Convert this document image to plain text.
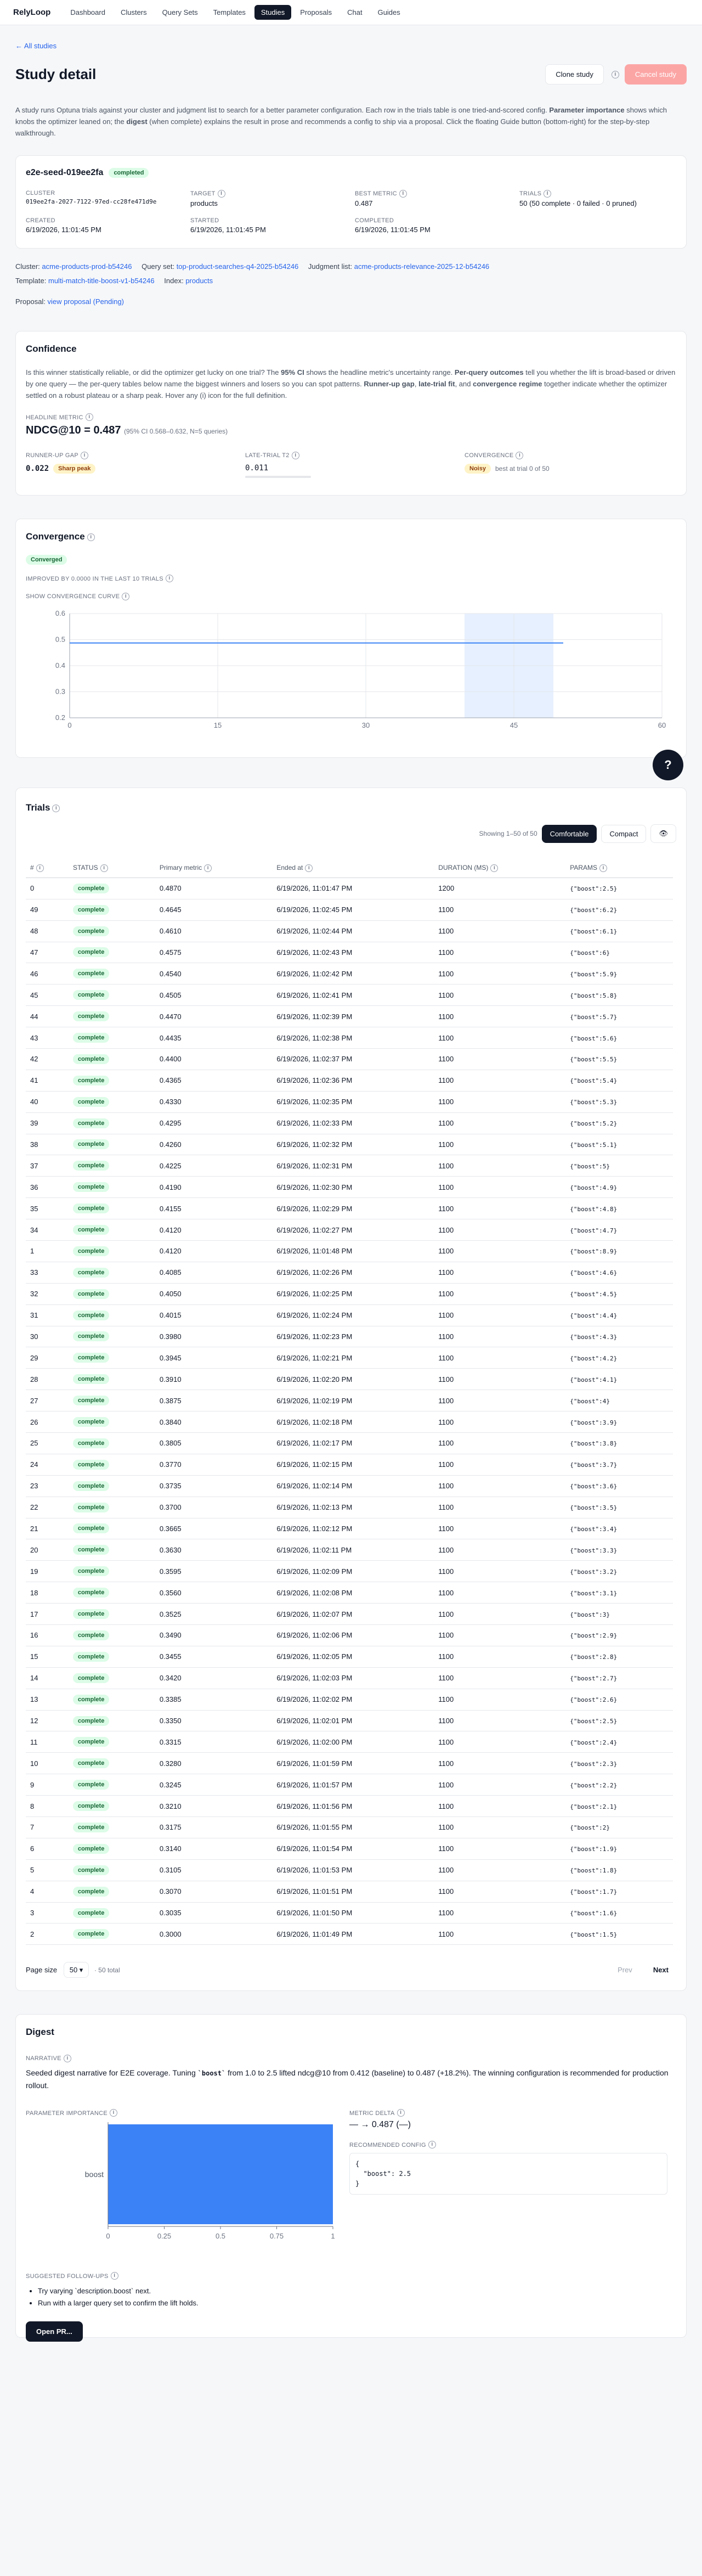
RelyLoop	Dashboard	Clusters	Query Sets	Templates	Studies	Proposals	Chat	Guides
← All studies
Study detail	Clone study	i	Cancel study

A study runs Optuna trials against your cluster and judgment list to search for a better parameter configuration. Each row in the trials table is one tried-and-scored config. Parameter importance shows which knobs the optimizer leaned on; the digest (when complete) explains the result in prose and recommends a config to ship via a proposal. Click the floating Guide button (bottom-right) for the step-by-step walkthrough.

e2e-seed-019ee2fa	completed
CLUSTER
019ee2fa-2027-7122-97ed-cc28fe471d9e
TARGET I
products
BEST METRIC I
0.487
TRIALS I
50 (50 complete · 0 failed · 0 pruned)
CREATED
6/19/2026, 11:01:45 PM
STARTED
6/19/2026, 11:01:45 PM
COMPLETED
6/19/2026, 11:01:45 PM
Cluster: acme-products-prod-b54246 Query set: top-product-searches-q4-2025-b54246 Judgment list: acme-products-relevance-2025-12-b54246
Template: multi-match-title-boost-v1-b54246 Index: products
Proposal: view proposal (Pending)
Confidence

Is this winner statistically reliable, or did the optimizer get lucky on one trial? The 95% CI shows the headline metric's uncertainty range. Per-query outcomes tell you whether the lift is broad-based or driven by one query — the per-query tables below name the biggest winners and losers so you can spot patterns. Runner-up gap, late-trial fit, and convergence regime together indicate whether the optimizer settled on a robust plateau or a sharp peak. Hover any (i) icon for the full definition.

HEADLINE METRIC i
NDCG@10 = 0.487 (95% CI 0.568–0.632, N=5 queries)
RUNNER-UP GAP i
0.022	Sharp peak
LATE-TRIAL T2 i
0.011
CONVERGENCE i
Noisy	best at trial 0 of 50
Convergence i
Converged
IMPROVED BY 0.0000 IN THE LAST 10 TRIALS i
SHOW CONVERGENCE CURVE i
0.2
0.3
0.4
0.5
0.6
0	15	30	45	60
Trials i
Showing 1–50 of 50	Comfortable	Compact	👁
# i	STATUS i	Primary metric i	Ended at i	DURATION (MS) i	PARAMS i
0	complete	0.4870	6/19/2026, 11:01:47 PM	1200	{"boost":2.5}
49	complete	0.4645	6/19/2026, 11:02:45 PM	1100	{"boost":6.2}
48	complete	0.4610	6/19/2026, 11:02:44 PM	1100	{"boost":6.1}
47	complete	0.4575	6/19/2026, 11:02:43 PM	1100	{"boost":6}
46	complete	0.4540	6/19/2026, 11:02:42 PM	1100	{"boost":5.9}
45	complete	0.4505	6/19/2026, 11:02:41 PM	1100	{"boost":5.8}
44	complete	0.4470	6/19/2026, 11:02:39 PM	1100	{"boost":5.7}
43	complete	0.4435	6/19/2026, 11:02:38 PM	1100	{"boost":5.6}
42	complete	0.4400	6/19/2026, 11:02:37 PM	1100	{"boost":5.5}
41	complete	0.4365	6/19/2026, 11:02:36 PM	1100	{"boost":5.4}
40	complete	0.4330	6/19/2026, 11:02:35 PM	1100	{"boost":5.3}
39	complete	0.4295	6/19/2026, 11:02:33 PM	1100	{"boost":5.2}
38	complete	0.4260	6/19/2026, 11:02:32 PM	1100	{"boost":5.1}
37	complete	0.4225	6/19/2026, 11:02:31 PM	1100	{"boost":5}
36	complete	0.4190	6/19/2026, 11:02:30 PM	1100	{"boost":4.9}
35	complete	0.4155	6/19/2026, 11:02:29 PM	1100	{"boost":4.8}
34	complete	0.4120	6/19/2026, 11:02:27 PM	1100	{"boost":4.7}
1	complete	0.4120	6/19/2026, 11:01:48 PM	1100	{"boost":8.9}
33	complete	0.4085	6/19/2026, 11:02:26 PM	1100	{"boost":4.6}
32	complete	0.4050	6/19/2026, 11:02:25 PM	1100	{"boost":4.5}
31	complete	0.4015	6/19/2026, 11:02:24 PM	1100	{"boost":4.4}
30	complete	0.3980	6/19/2026, 11:02:23 PM	1100	{"boost":4.3}
29	complete	0.3945	6/19/2026, 11:02:21 PM	1100	{"boost":4.2}
28	complete	0.3910	6/19/2026, 11:02:20 PM	1100	{"boost":4.1}
27	complete	0.3875	6/19/2026, 11:02:19 PM	1100	{"boost":4}
26	complete	0.3840	6/19/2026, 11:02:18 PM	1100	{"boost":3.9}
25	complete	0.3805	6/19/2026, 11:02:17 PM	1100	{"boost":3.8}
24	complete	0.3770	6/19/2026, 11:02:15 PM	1100	{"boost":3.7}
23	complete	0.3735	6/19/2026, 11:02:14 PM	1100	{"boost":3.6}
22	complete	0.3700	6/19/2026, 11:02:13 PM	1100	{"boost":3.5}
21	complete	0.3665	6/19/2026, 11:02:12 PM	1100	{"boost":3.4}
20	complete	0.3630	6/19/2026, 11:02:11 PM	1100	{"boost":3.3}
19	complete	0.3595	6/19/2026, 11:02:09 PM	1100	{"boost":3.2}
18	complete	0.3560	6/19/2026, 11:02:08 PM	1100	{"boost":3.1}
17	complete	0.3525	6/19/2026, 11:02:07 PM	1100	{"boost":3}
16	complete	0.3490	6/19/2026, 11:02:06 PM	1100	{"boost":2.9}
15	complete	0.3455	6/19/2026, 11:02:05 PM	1100	{"boost":2.8}
14	complete	0.3420	6/19/2026, 11:02:03 PM	1100	{"boost":2.7}
13	complete	0.3385	6/19/2026, 11:02:02 PM	1100	{"boost":2.6}
12	complete	0.3350	6/19/2026, 11:02:01 PM	1100	{"boost":2.5}
11	complete	0.3315	6/19/2026, 11:02:00 PM	1100	{"boost":2.4}
10	complete	0.3280	6/19/2026, 11:01:59 PM	1100	{"boost":2.3}
9	complete	0.3245	6/19/2026, 11:01:57 PM	1100	{"boost":2.2}
8	complete	0.3210	6/19/2026, 11:01:56 PM	1100	{"boost":2.1}
7	complete	0.3175	6/19/2026, 11:01:55 PM	1100	{"boost":2}
6	complete	0.3140	6/19/2026, 11:01:54 PM	1100	{"boost":1.9}
5	complete	0.3105	6/19/2026, 11:01:53 PM	1100	{"boost":1.8}
4	complete	0.3070	6/19/2026, 11:01:51 PM	1100	{"boost":1.7}
3	complete	0.3035	6/19/2026, 11:01:50 PM	1100	{"boost":1.6}
2	complete	0.3000	6/19/2026, 11:01:49 PM	1100	{"boost":1.5}
Page size 50 ▾ · 50 total	Prev	Next
Digest
NARRATIVE i

Seeded digest narrative for E2E coverage. Tuning `boost` from 1.0 to 2.5 lifted ndcg@10 from 0.412 (baseline) to 0.487 (+18.2%). The winning configuration is recommended for production rollout.

PARAMETER IMPORTANCE i
boost
0	0.25	0.5	0.75	1
METRIC DELTA i
— → 0.487 (—)
RECOMMENDED CONFIG i
{
"boost": 2.5
}
SUGGESTED FOLLOW-UPS i
• Try varying `description.boost` next.
• Run with a larger query set to confirm the lift holds.
Open PR...
?
